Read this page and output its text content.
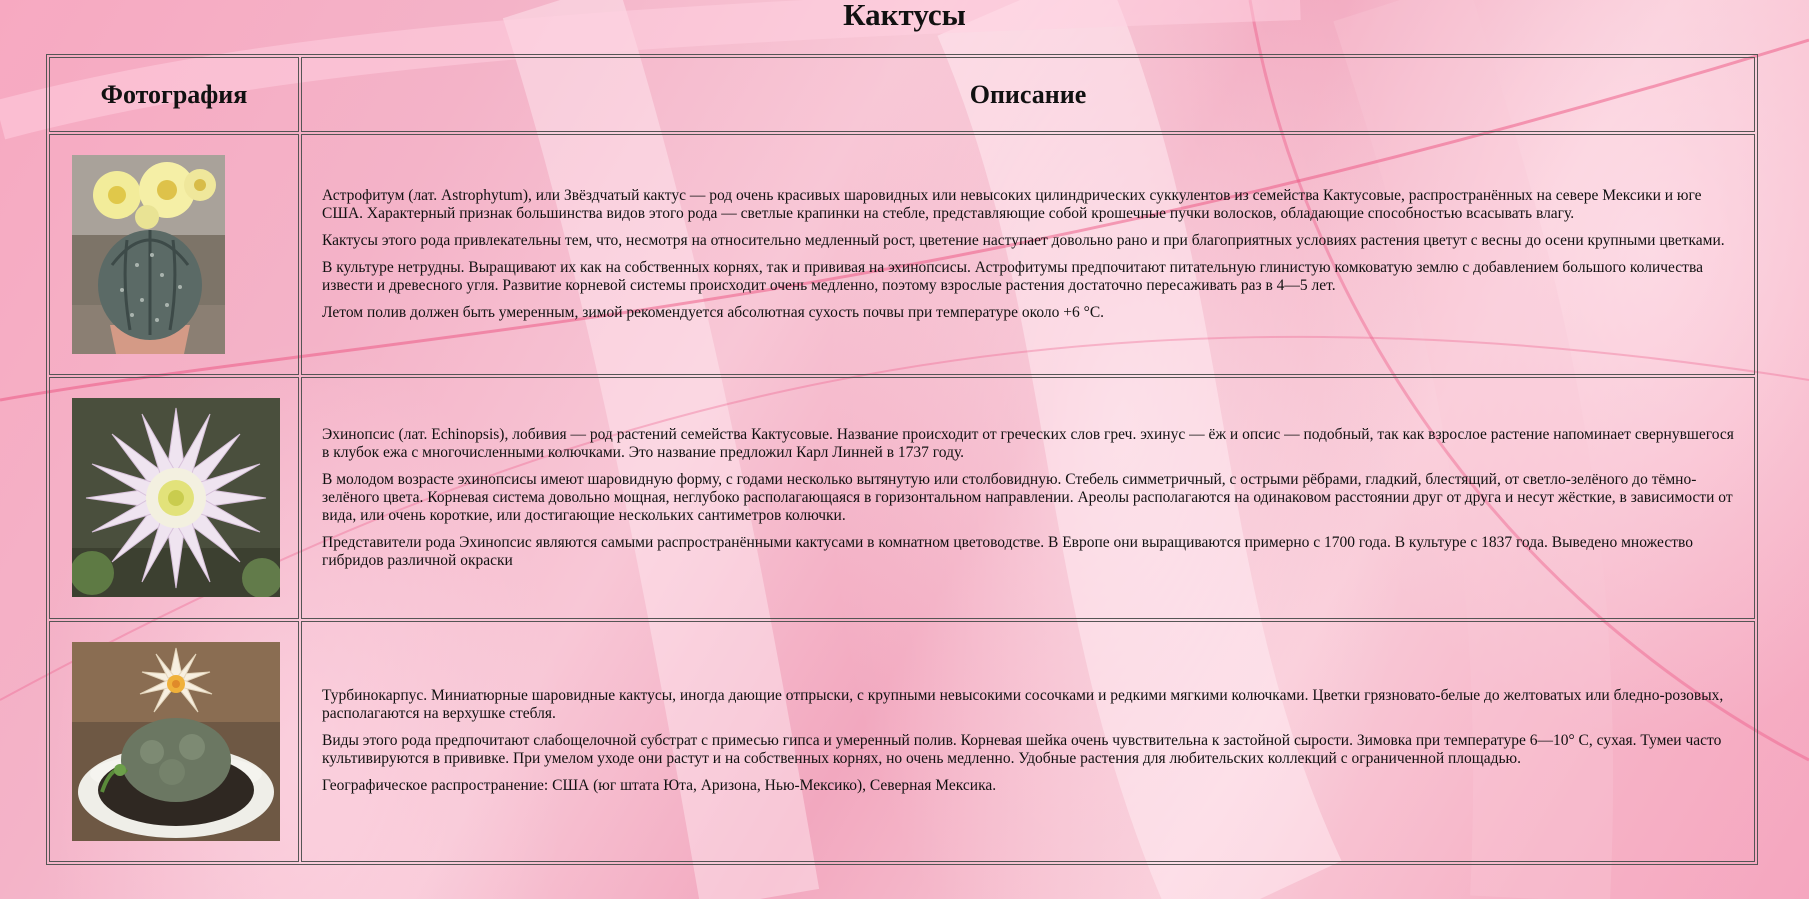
Кактусы
Фотография	Описание

Астрофитум (лат. Astrophytum), или Звёздчатый кактус — род очень красивых шаровидных или невысоких цилиндрических суккулентов из семейства Кактусовые, распространённых на севере Мексики и юге США. Характерный признак большинства видов этого рода — светлые крапинки на стебле, представляющие собой крошечные пучки волосков, обладающие способностью всасывать влагу.

Кактусы этого рода привлекательны тем, что, несмотря на относительно медленный рост, цветение наступает довольно рано и при благоприятных условиях растения цветут с весны до осени крупными цветками.

В культуре нетрудны. Выращивают их как на собственных корнях, так и прививая на эхинопсисы. Астрофитумы предпочитают питательную глинистую комковатую землю с добавлением большого количества извести и древесного угля. Развитие корневой системы происходит очень медленно, поэтому взрослые растения достаточно пересаживать раз в 4—5 лет.

Летом полив должен быть умеренным, зимой рекомендуется абсолютная сухость почвы при температуре около +6 °С.

Эхинопсис (лат. Echinopsis), лобивия — род растений семейства Кактусовые. Название происходит от греческих слов греч. эхинус — ёж и опсис — подобный, так как взрослое растение напоминает свернувшегося в клубок ежа с многочисленными колючками. Это название предложил Карл Линней в 1737 году.

В молодом возрасте эхинопсисы имеют шаровидную форму, с годами несколько вытянутую или столбовидную. Стебель симметричный, с острыми рёбрами, гладкий, блестящий, от светло-зелёного до тёмно-зелёного цвета. Корневая система довольно мощная, неглубоко располагающаяся в горизонтальном направлении. Ареолы располагаются на одинаковом расстоянии друг от друга и несут жёсткие, в зависимости от вида, или очень короткие, или достигающие нескольких сантиметров колючки.

Представители рода Эхинопсис являются самыми распространёнными кактусами в комнатном цветоводстве. В Европе они выращиваются примерно с 1700 года. В культуре с 1837 года. Выведено множество гибридов различной окраски

Турбинокарпус. Миниатюрные шаровидные кактусы, иногда дающие отпрыски, с крупными невысокими сосочками и редкими мягкими колючками. Цветки грязновато-белые до желтоватых или бледно-розовых, располагаются на верхушке стебля.

Виды этого рода предпочитают слабощелочной субстрат с примесью гипса и умеренный полив. Корневая шейка очень чувствительна к застойной сырости. Зимовка при температуре 6—10° С, сухая. Тумеи часто культивируются в прививке. При умелом уходе они растут и на собственных корнях, но очень медленно. Удобные растения для любительских коллекций с ограниченной площадью.

Географическое распространение: США (юг штата Юта, Аризона, Нью-Мексико), Северная Мексика.
